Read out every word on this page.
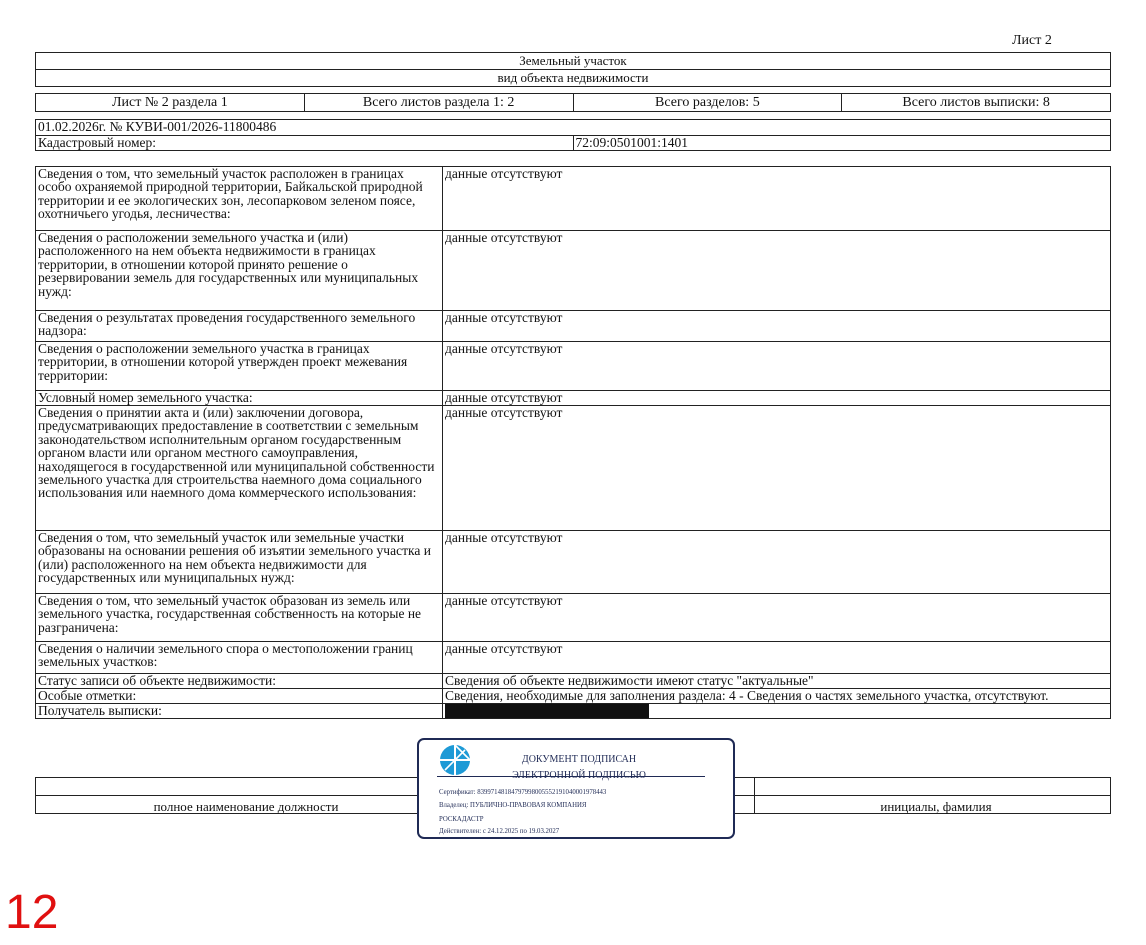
Лист 2
Земельный участок
вид объекта недвижимости
Лист № 2 раздела 1	Всего листов раздела 1: 2	Всего разделов: 5	Всего листов выписки: 8
01.02.2026г. № КУВИ-001/2026-11800486
Кадастровый номер:	72:09:0501001:1401
Сведения о том, что земельный участок расположен в границах особо охраняемой природной территории, Байкальской природной территории и ее экологических зон, лесопарковом зеленом поясе, охотничьего угодья, лесничества:	данные отсутствуют
Сведения о расположении земельного участка и (или) расположенного на нем объекта недвижимости в границах территории, в отношении которой принято решение о резервировании земель для государственных или муниципальных нужд:	данные отсутствуют
Сведения о результатах проведения государственного земельного надзора:	данные отсутствуют
Сведения о расположении земельного участка в границах территории, в отношении которой утвержден проект межевания территории:	данные отсутствуют
Условный номер земельного участка:	данные отсутствуют
Сведения о принятии акта и (или) заключении договора, предусматривающих предоставление в соответствии с земельным законодательством исполнительным органом государственным органом власти или органом местного самоуправления, находящегося в государственной или муниципальной собственности земельного участка для строительства наемного дома социального использования или наемного дома коммерческого использования:	данные отсутствуют
Сведения о том, что земельный участок или земельные участки образованы на основании решения об изъятии земельного участка и (или) расположенного на нем объекта недвижимости для государственных или муниципальных нужд:	данные отсутствуют
Сведения о том, что земельный участок образован из земель или земельного участка, государственная собственность на которые не разграничена:	данные отсутствуют
Сведения о наличии земельного спора о местоположении границ земельных участков:	данные отсутствуют
Статус записи об объекте недвижимости:	Сведения об объекте недвижимости имеют статус "актуальные"
Особые отметки:	Сведения, необходимые для заполнения раздела: 4 - Сведения о частях земельного участка, отсутствуют.
Получатель выписки:	
полное наименование должности	инициалы, фамилия
ДОКУМЕНТ ПОДПИСАН
ЭЛЕКТРОННОЙ ПОДПИСЬЮ
Сертификат: 83997148184797998005552191040001978443
Владелец: ПУБЛИЧНО-ПРАВОВАЯ КОМПАНИЯ
РОСКАДАСТР
Действителен: с 24.12.2025 по 19.03.2027
12
